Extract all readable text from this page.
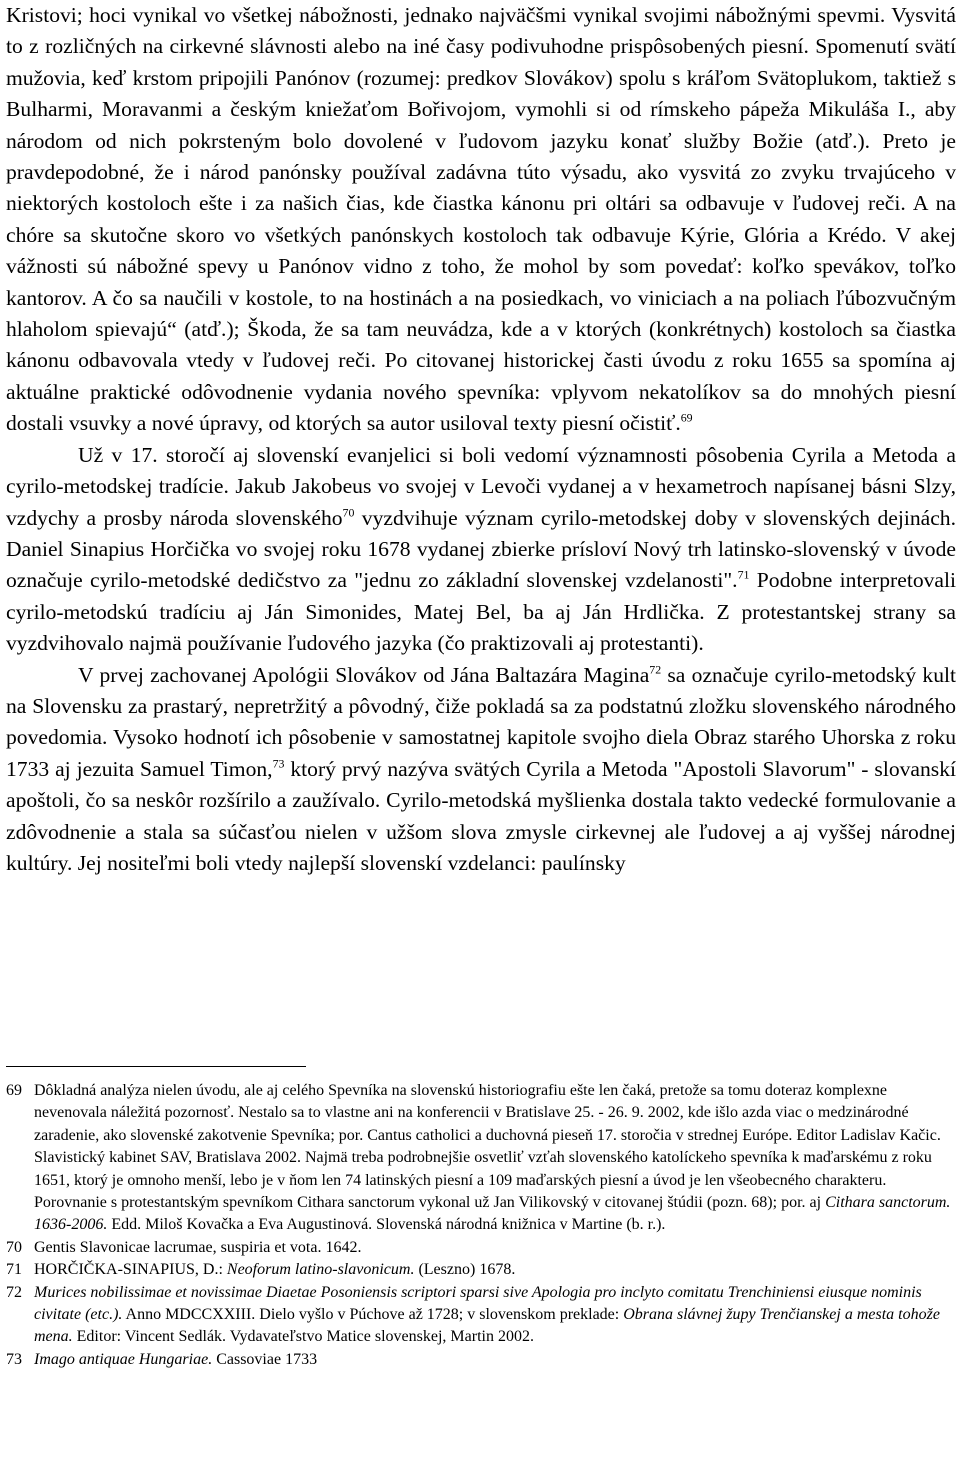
Kristovi; hoci vynikal vo všetkej nábožnosti, jednako najväčšmi vynikal svojimi nábožnými spevmi. Vysvitá to z rozličných na cirkevné slávnosti alebo na iné časy podivuhodne prispôsobených piesní. Spomenutí svätí mužovia, keď krstom pripojili Panónov (rozumej: predkov Slovákov) spolu s kráľom Svätoplukom, taktiež s Bulharmi, Moravanmi a českým kniežaťom Bořivojom, vymohli si od rímskeho pápeža Mikuláša I., aby národom od nich pokrsteným bolo dovolené v ľudovom jazyku konať služby Božie (atď.). Preto je pravdepodobné, že i národ panónsky používal zadávna túto výsadu, ako vysvitá zo zvyku trvajúceho v niektorých kostoloch ešte i za našich čias, kde čiastka kánonu pri oltári sa odbavuje v ľudovej reči. A na chóre sa skutočne skoro vo všetkých panónskych kostoloch tak odbavuje Kýrie, Glória a Krédo. V akej vážnosti sú nábožné spevy u Panónov vidno z toho, že mohol by som povedať: koľko spevákov, toľko kantorov. A čo sa naučili v kostole, to na hostinách a na posiedkach, vo viniciach a na poliach ľúbozvučným hlaholom spievajú“ (atď.); Škoda, že sa tam neuvádza, kde a v ktorých (konkrétnych) kostoloch sa čiastka kánonu odbavovala vtedy v ľudovej reči. Po citovanej historickej časti úvodu z roku 1655 sa spomína aj aktuálne praktické odôvodnenie vydania nového spevníka: vplyvom nekatolíkov sa do mnohých piesní dostali vsuvky a nové úpravy, od ktorých sa autor usiloval texty piesní očistiť.$^{69}$

Už v 17. storočí aj slovenskí evanjelici si boli vedomí významnosti pôsobenia Cyrila a Metoda a cyrilo-metodskej tradície. Jakub Jakobeus vo svojej v Levoči vydanej a v hexametroch napísanej básni Slzy, vzdychy a prosby národa slovenského$^{70}$ vyzdvihuje význam cyrilo-metodskej doby v slovenských dejinách. Daniel Sinapius Horčička vo svojej roku 1678 vydanej zbierke prísloví Nový trh latinsko-slovenský v úvode označuje cyrilo-metodské dedičstvo za "jednu zo základní slovenskej vzdelanosti".$^{71}$ Podobne interpretovali cyrilo-metodskú tradíciu aj Ján Simonides, Matej Bel, ba aj Ján Hrdlička. Z protestantskej strany sa vyzdvihovalo najmä používanie ľudového jazyka (čo praktizovali aj protestanti).

V prvej zachovanej Apológii Slovákov od Jána Baltazára Magina$^{72}$ sa označuje cyrilo-metodský kult na Slovensku za prastarý, nepretržitý a pôvodný, čiže pokladá sa za podstatnú zložku slovenského národného povedomia. Vysoko hodnotí ich pôsobenie v samostatnej kapitole svojho diela Obraz starého Uhorska z roku 1733 aj jezuita Samuel Timon,$^{73}$ ktorý prvý nazýva svätých Cyrila a Metoda "Apostoli Slavorum" - slovanskí apoštoli, čo sa neskôr rozšírilo a zaužívalo. Cyrilo-metodská myšlienka dostala takto vedecké formulovanie a zdôvodnenie a stala sa súčasťou nielen v užšom slova zmysle cirkevnej ale ľudovej a aj vyššej národnej kultúry. Jej nositeľmi boli vtedy najlepší slovenskí vzdelanci: paulínsky

69 Dôkladná analýza nielen úvodu, ale aj celého Spevníka na slovenskú historiografiu ešte len čaká, pretože sa tomu doteraz komplexne nevenovala náležitá pozornosť. Nestalo sa to vlastne ani na konferencii v Bratislave 25. - 26. 9. 2002, kde išlo azda viac o medzinárodné zaradenie, ako slovenské zakotvenie Spevníka; por. Cantus catholici a duchovná pieseň 17. storočia v strednej Európe. Editor Ladislav Kačic. Slavistický kabinet SAV, Bratislava 2002. Najmä treba podrobnejšie osvetliť vzťah slovenského katolíckeho spevníka k maďarskému z roku 1651, ktorý je omnoho menší, lebo je v ňom len 74 latinských piesní a 109 maďarských piesní a úvod je len všeobecného charakteru. Porovnanie s protestantským spevníkom Cithara sanctorum vykonal už Jan Vilikovský v citovanej štúdii (pozn. 68); por. aj Cithara sanctorum. 1636-2006. Edd. Miloš Kovačka a Eva Augustinová. Slovenská národná knižnica v Martine (b. r.).
70 Gentis Slavonicae lacrumae, suspiria et vota. 1642.
71 HORČIČKA-SINAPIUS, D.: Neoforum latino-slavonicum. (Leszno) 1678.
72 Murices nobilissimae et novissimae Diaetae Posoniensis scriptori sparsi sive Apologia pro inclyto comitatu Trenchiniensi eiusque nominis civitate (etc.). Anno MDCCXXIII. Dielo vyšlo v Púchove až 1728; v slovenskom preklade: Obrana slávnej župy Trenčianskej a mesta tohože mena. Editor: Vincent Sedlák. Vydavateľstvo Matice slovenskej, Martin 2002.
73 Imago antiquae Hungariae. Cassoviae 1733
